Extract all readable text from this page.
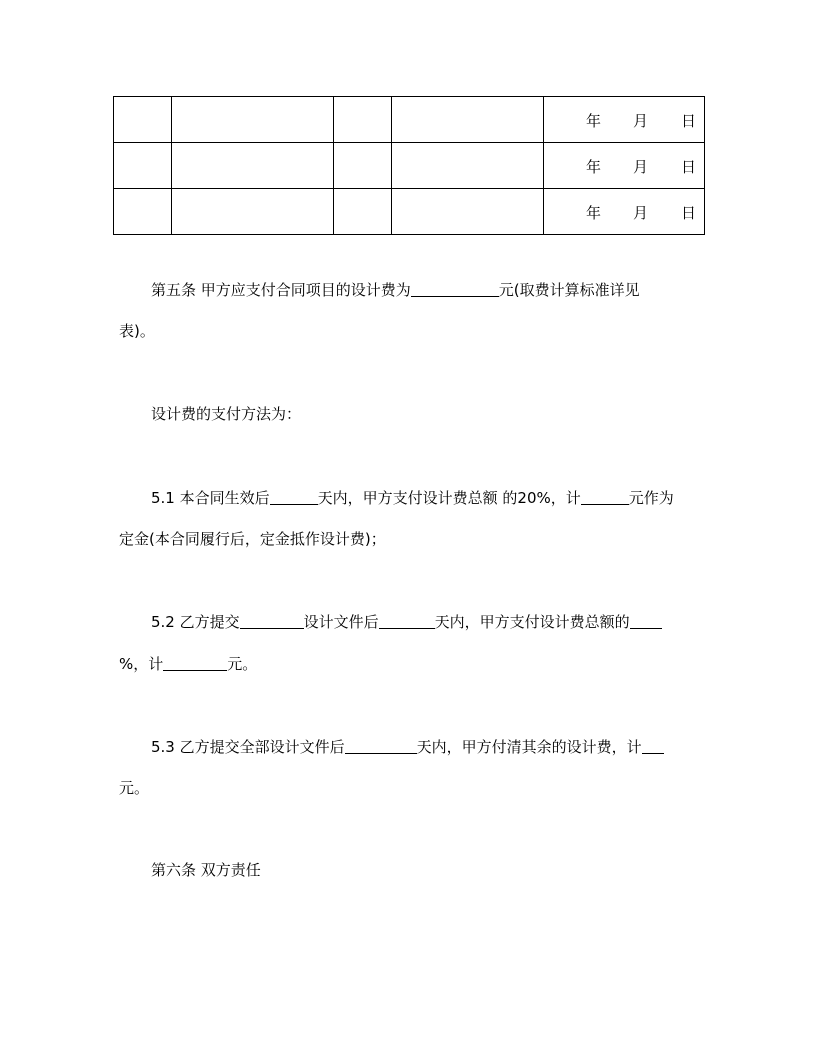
				年 月 日

				年 月 日

				年 月 日
第五条 甲方应支付合同项目的设计费为	元(取费计算标准详见
表)。
设计费的支付方法为：
5.1 本合同生效后	天内，甲方支付设计费总额 的20%，计	元作为
定金(本合同履行后，定金抵作设计费)；
5.2 乙方提交	设计文件后	天内，甲方支付设计费总额的
%，计	元。
5.3 乙方提交全部设计文件后	天内，甲方付清其余的设计费，计
元。
第六条 双方责任
